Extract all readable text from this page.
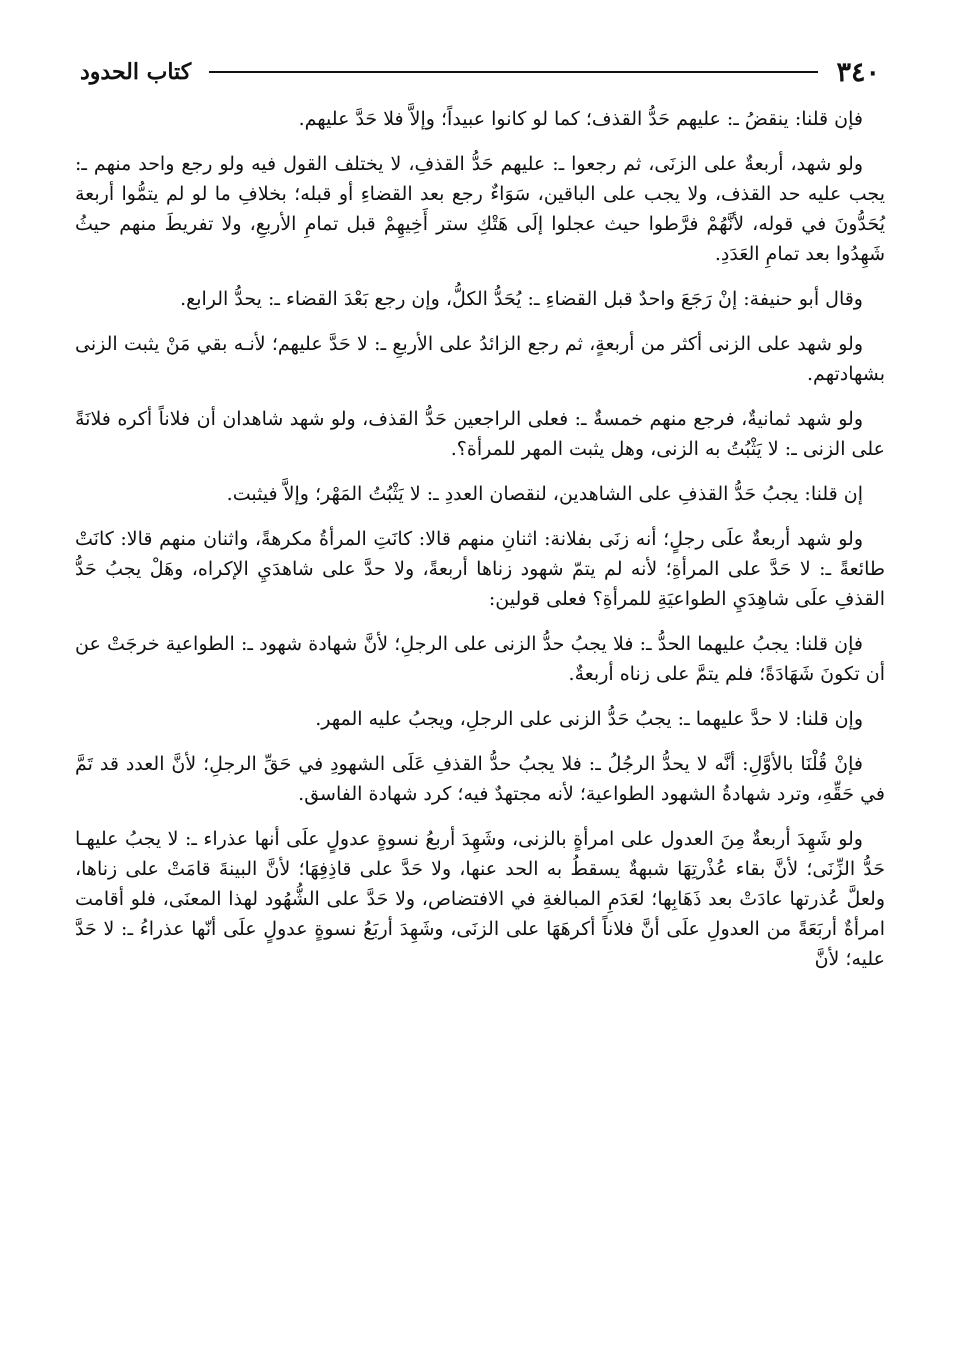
٣٤٠
كتاب الحدود

فإن قلنا: ينقضُ ـ: عليهم حَدُّ القذف؛ كما لو كانوا عبيداً؛ وإلاَّ فلا حَدَّ عليهم.

ولو شهد، أربعةٌ على الزنَى، ثم رجعوا ـ: عليهم حَدُّ القذفِ، لا يختلف القول فيه ولو رجع واحد منهم ـ: يجب عليه حد القذف، ولا يجب على الباقين، سَوَاءٌ رجع بعد القضاءِ أو قبله؛ بخلافِ ما لو لم يتمُّوا أربعة يُحَدُّونَ في قوله، لأنَّهُمْ فرَّطوا حيث عجلوا إلَى هَتْكِ ستر أَخِيهِمْ قبل تمامِ الأربعِ، ولا تفريطَ منهم حيثُ شَهِدُوا بعد تمامِ العَدَدِ.

وقال أبو حنيفة: إنْ رَجَعَ واحدٌ قبل القضاءِ ـ: يُحَدُّ الكلُّ، وإن رجع بَعْدَ القضاء ـ: يحدُّ الرابع.

ولو شهد على الزنى أكثر من أربعةٍ، ثم رجع الزائدُ على الأربعِ ـ: لا حَدَّ عليهم؛ لأنـه بقي مَنْ يثبت الزنى بشهادتهم.

ولو شهد ثمانيةٌ، فرجع منهم خمسةٌ ـ: فعلى الراجعين حَدُّ القذف، ولو شهد شاهدان أن فلاناً أكره فلانَةً على الزنى ـ: لا يَثْبُتُ به الزنى، وهل يثبت المهر للمرأة؟.

إن قلنا: يجبُ حَدُّ القذفِ على الشاهدين، لنقصان العددِ ـ: لا يَثْبُتُ المَهْر؛ وإلاَّ فيثبت.

ولو شهد أربعةٌ علَى رجلٍ؛ أنه زنَى بفلانة: اثنانِ منهم قالا: كانَتِ المرأةُ مكرهةً، واثنان منهم قالا: كانَتْ طائعةً ـ: لا حَدَّ على المرأةِ؛ لأنه لم يتمّ شهود زناها أربعةً، ولا حدَّ على شاهدَيِ الإكراه، وهَلْ يجبُ حَدُّ القذفِ علَى شاهِدَيِ الطواعيَةِ للمرأةِ؟ فعلى قولين:

فإن قلنا: يجبُ عليهما الحدُّ ـ: فلا يجبُ حدُّ الزنى على الرجلِ؛ لأنَّ شهادة شهود ـ: الطواعية خرجَتْ عن أن تكونَ شَهَادَةً؛ فلم يتمَّ على زناه أربعةٌ.

وإن قلنا: لا حدَّ عليهما ـ: يجبُ حَدُّ الزنى على الرجلِ، ويجبُ عليه المهر.

فإنْ قُلْنَا بالأوَّلِ: أنَّه لا يحدُّ الرجُلُ ـ: فلا يجبُ حدُّ القذفِ عَلَى الشهودِ في حَقِّ الرجلِ؛ لأنَّ العدد قد تَمَّ في حَقِّهِ، وترد شهادةُ الشهود الطواعية؛ لأنه مجتهدٌ فيه؛ كرد شهادة الفاسق.

ولو شَهِدَ أربعةٌ مِنَ العدول على امرأةٍ بالزنى، وشَهِدَ أربعُ نسوةٍ عدولٍ علَى أنها عذراء ـ: لا يجبُ عليهـا حَدُّ الزِّنَى؛ لأنَّ بقاء عُذْرتِهَا شبهةٌ يسقطُ به الحد عنها، ولا حَدَّ على قاذِفِهَا؛ لأنَّ البينةَ قامَتْ على زناها، ولعلَّ عُذرتها عادَتْ بعد ذَهَابِها؛ لعَدَمِ المبالغةِ في الافتضاص، ولا حَدَّ على الشُّهُود لهذا المعنَى، فلو أقامت امرأةٌ أربَعَةً من العدولِ علَى أنَّ فلاناً أكرهَهَا على الزنَى، وشَهِدَ أربَعُ نسوةٍ عدولٍ علَى أنّها عذراءُ ـ: لا حَدَّ عليه؛ لأنَّ
